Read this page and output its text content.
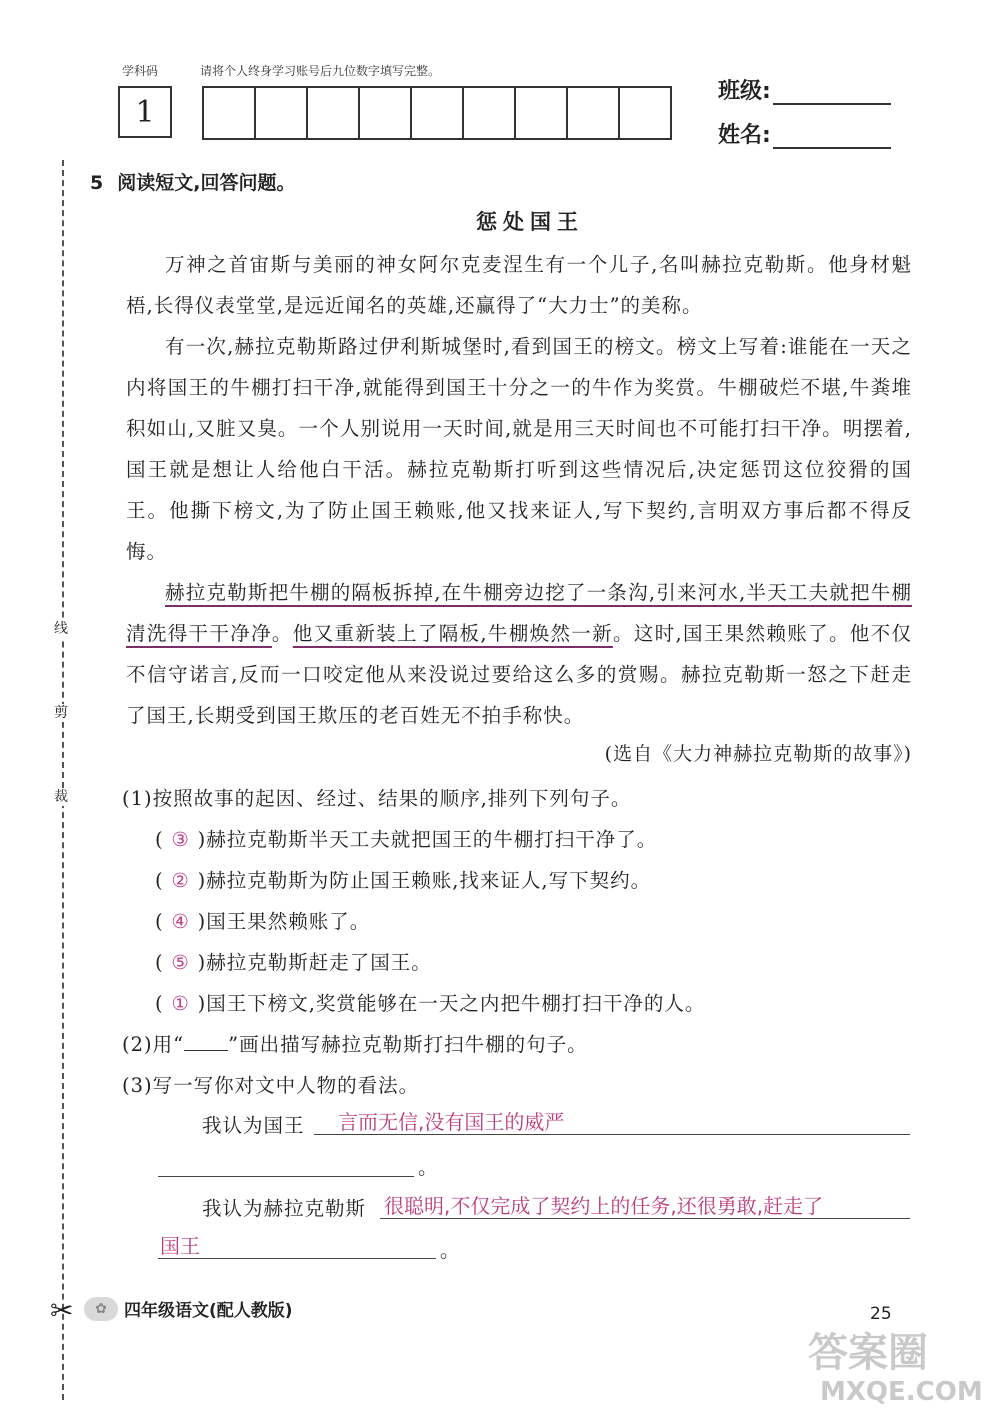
学科码	请将个人终身学习账号后九位数字填写完整。
1
班级:
姓名:
线
剪
裁
✂
5 阅读短文,回答问题。
惩处国王

万神之首宙斯与美丽的神女阿尔克麦涅生有一个儿子,名叫赫拉克勒斯。他身材魁梧,长得仪表堂堂,是远近闻名的英雄,还赢得了“大力士”的美称。

有一次,赫拉克勒斯路过伊利斯城堡时,看到国王的榜文。榜文上写着:谁能在一天之内将国王的牛棚打扫干净,就能得到国王十分之一的牛作为奖赏。牛棚破烂不堪,牛粪堆积如山,又脏又臭。一个人别说用一天时间,就是用三天时间也不可能打扫干净。明摆着,国王就是想让人给他白干活。赫拉克勒斯打听到这些情况后,决定惩罚这位狡猾的国王。他撕下榜文,为了防止国王赖账,他又找来证人,写下契约,言明双方事后都不得反悔。

赫拉克勒斯把牛棚的隔板拆掉,在牛棚旁边挖了一条沟,引来河水,半天工夫就把牛棚清洗得干干净净。他又重新装上了隔板,牛棚焕然一新。这时,国王果然赖账了。他不仅不信守诺言,反而一口咬定他从来没说过要给这么多的赏赐。赫拉克勒斯一怒之下赶走了国王,长期受到国王欺压的老百姓无不拍手称快。

(选自《大力神赫拉克勒斯的故事》)
(1)按照故事的起因、经过、结果的顺序,排列下列句子。
( ③ )赫拉克勒斯半天工夫就把国王的牛棚打扫干净了。
( ② )赫拉克勒斯为防止国王赖账,找来证人,写下契约。
( ④ )国王果然赖账了。
( ⑤ )赫拉克勒斯赶走了国王。
( ① )国王下榜文,奖赏能够在一天之内把牛棚打扫干净的人。
(2)用“ ”画出描写赫拉克勒斯打扫牛棚的句子。
(3)写一写你对文中人物的看法。
我认为国王 言而无信,没有国王的威严
。
我认为赫拉克勒斯 很聪明,不仅完成了契约上的任务,还很勇敢,赶走了
国王	。
✿	四年级语文(配人教版)	25
答案圈
MXQE.COM
